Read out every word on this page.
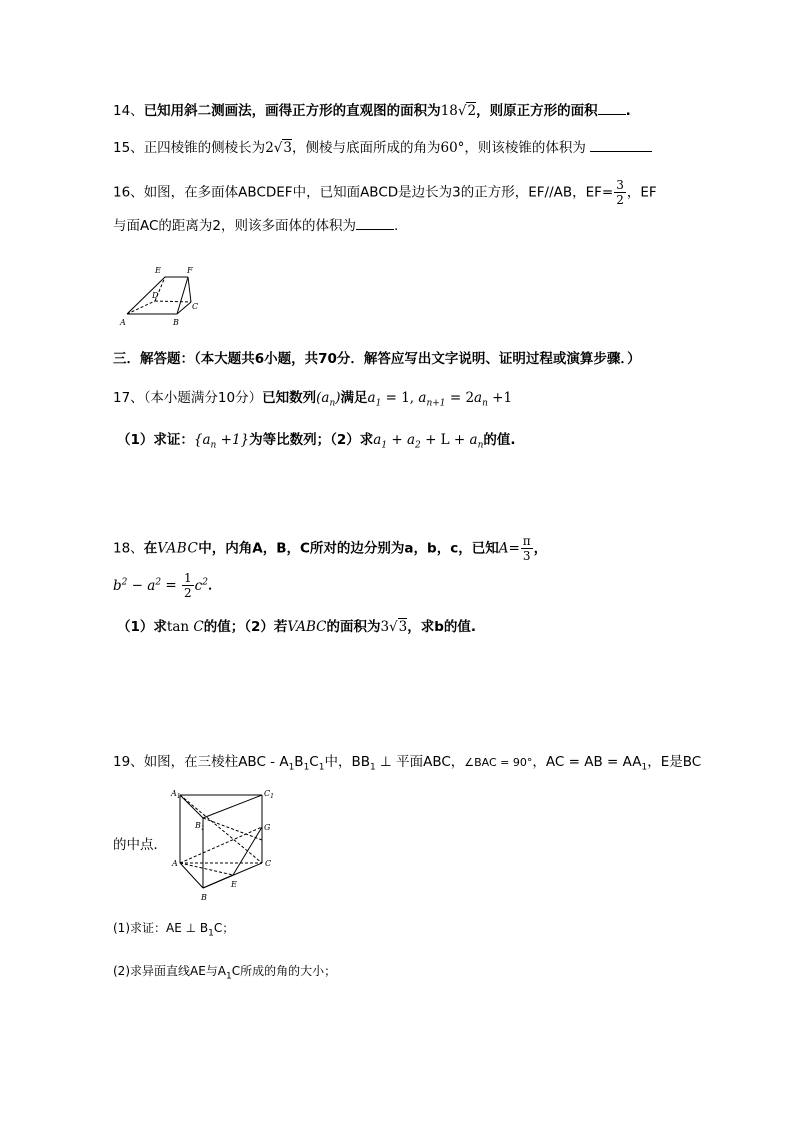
14、已知用斜二测画法，画得正方形的直观图的面积为18√2，则原正方形的面积 .
15、正四棱锥的侧棱长为2√3，侧棱与底面所成的角为60°，则该棱锥的体积为
16、如图，在多面体ABCDEF中，已知面ABCD是边长为3的正方形，EF//AB，$EF= \frac{3}{2}$ ，EF
与面AC的距离为2，则该多面体的体积为	.
E	F
D
C
A	B
三．解答题：（本大题共6小题，共70分．解答应写出文字说明、证明过程或演算步骤．）
17、（本小题满分10分）已知数列$(a_n)$满足$a_1 = 1$, $a_{n+1} = 2a_n +1$
（1）求证：$\{a_n +1\}$为等比数列；（2）求$a_1 + a_2 + L + a_n$的值.
18、在VABC中，内角A，B，C所对的边分别为a，b，c，已知$A= \frac{\pi}{3}$ ，
$b^2 - a^2 = \frac{1}{2} c^2$．
（1）求tan C的值；（2）若VABC的面积为3√3，求b的值.
19、如图，在三棱柱ABC - $A_1B_1C_1$中，$BB_1$ ⊥ 平面ABC，∠BAC = 90°，AC = AB = $AA_1$，E是BC
的中点．
$A_1$	$C_1$
$B_1$	G
A	C
E
B
(1)求证：AE ⊥ $B_1C$；
(2)求异面直线AE与$A_1C$所成的角的大小；
